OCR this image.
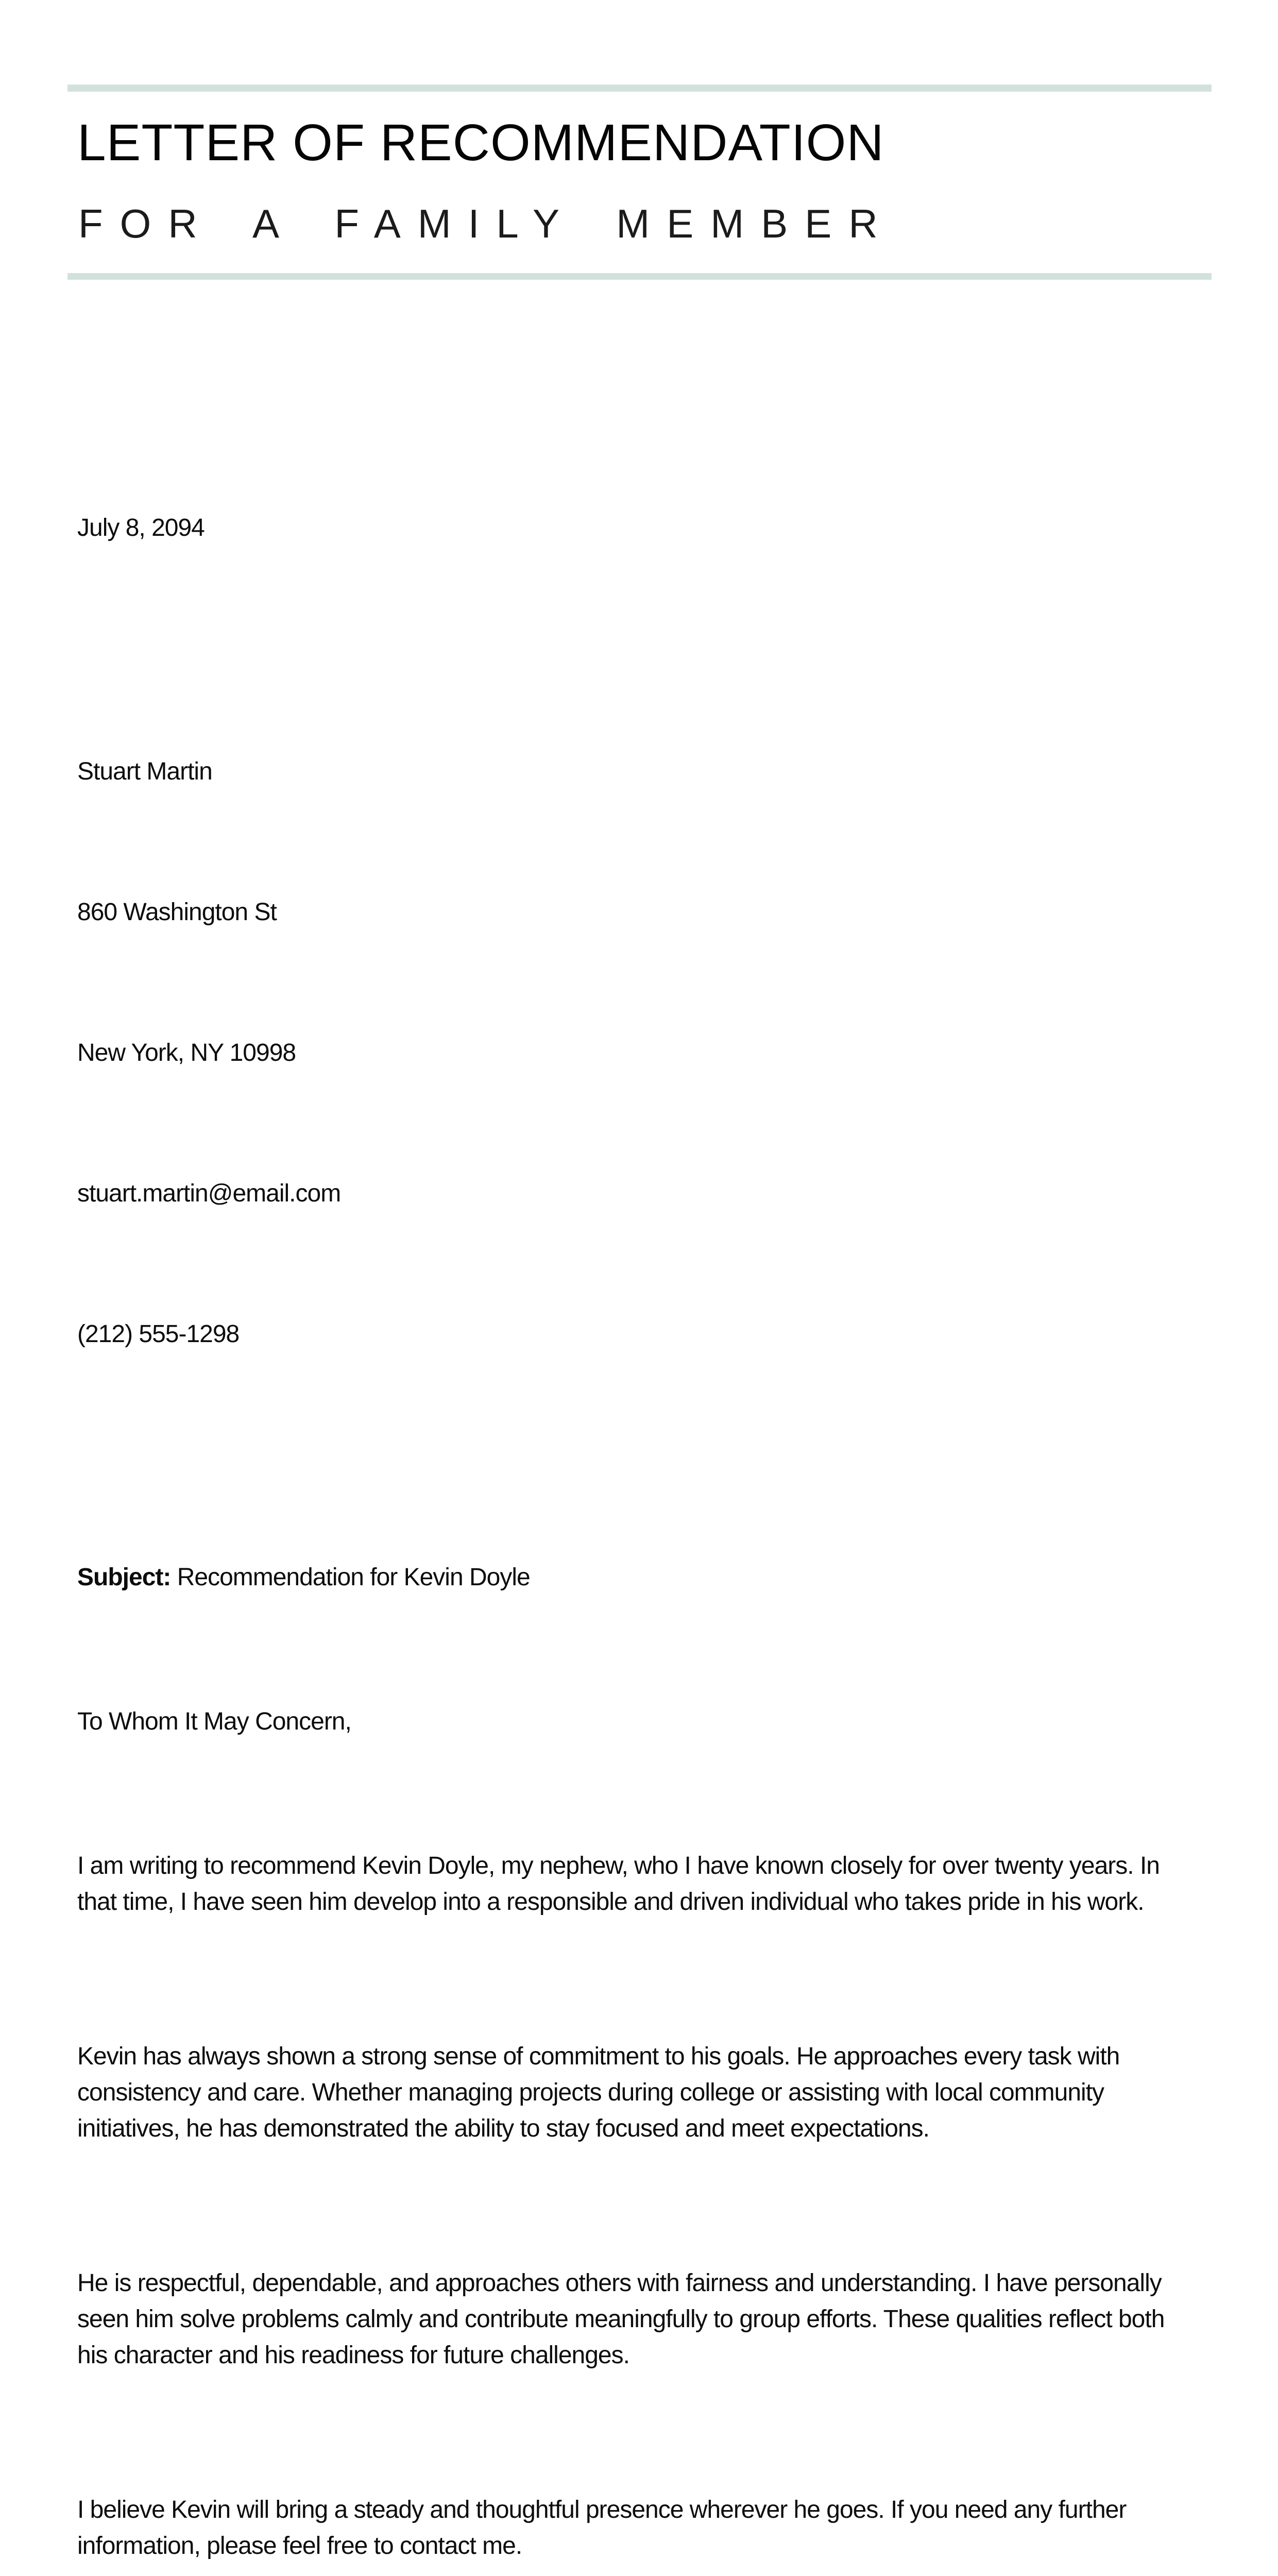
LETTER OF RECOMMENDATION
FOR A FAMILY MEMBER

July 8, 2094

Stuart Martin

860 Washington St

New York, NY 10998

stuart.martin@email.com

(212) 555-1298

Subject: Recommendation for Kevin Doyle

To Whom It May Concern,

I am writing to recommend Kevin Doyle, my nephew, who I have known closely for over twenty years. In
that time, I have seen him develop into a responsible and driven individual who takes pride in his work.

Kevin has always shown a strong sense of commitment to his goals. He approaches every task with
consistency and care. Whether managing projects during college or assisting with local community
initiatives, he has demonstrated the ability to stay focused and meet expectations.

He is respectful, dependable, and approaches others with fairness and understanding. I have personally
seen him solve problems calmly and contribute meaningfully to group efforts. These qualities reflect both
his character and his readiness for future challenges.

I believe Kevin will bring a steady and thoughtful presence wherever he goes. If you need any further
information, please feel free to contact me.
